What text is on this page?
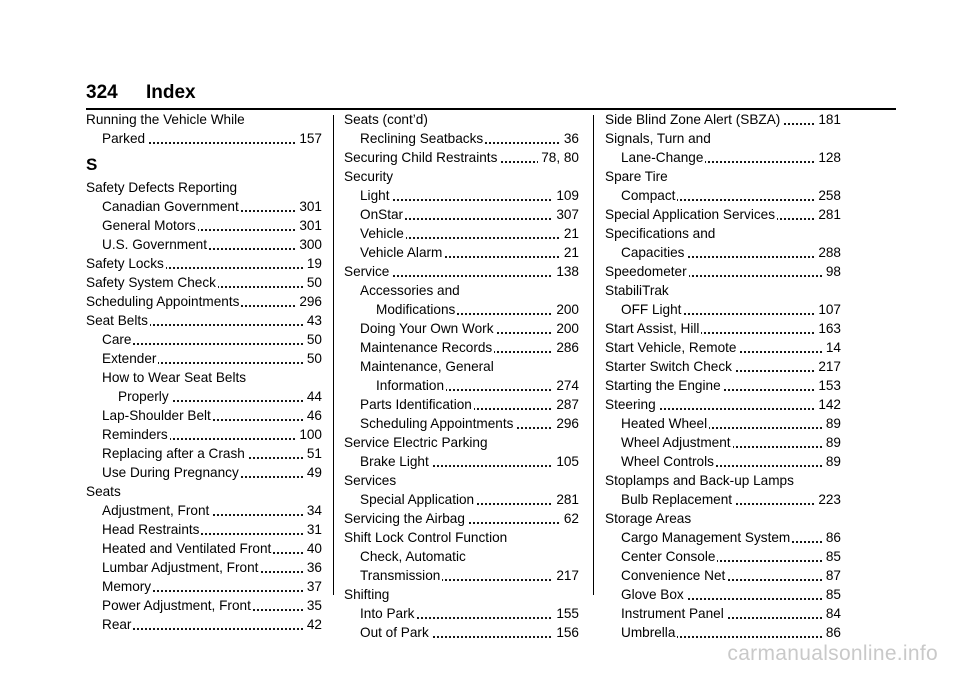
324 Index
Running the Vehicle While
Parked	157
S
Safety Defects Reporting
Canadian Government	301
General Motors	301
U.S. Government	300
Safety Locks	19
Safety System Check	50
Scheduling Appointments	296
Seat Belts	43
Care	50
Extender	50
How to Wear Seat Belts
Properly	44
Lap-Shoulder Belt	46
Reminders	100
Replacing after a Crash	51
Use During Pregnancy	49
Seats
Adjustment, Front	34
Head Restraints	31
Heated and Ventilated Front	40
Lumbar Adjustment, Front	36
Memory	37
Power Adjustment, Front	35
Rear	42
Seats (cont’d)
Reclining Seatbacks	36
Securing Child Restraints	78, 80
Security
Light	109
OnStar	307
Vehicle	21
Vehicle Alarm	21
Service	138
Accessories and
Modifications	200
Doing Your Own Work	200
Maintenance Records	286
Maintenance, General
Information	274
Parts Identification	287
Scheduling Appointments	296
Service Electric Parking
Brake Light	105
Services
Special Application	281
Servicing the Airbag	62
Shift Lock Control Function
Check, Automatic
Transmission	217
Shifting
Into Park	155
Out of Park	156
Side Blind Zone Alert (SBZA)	181
Signals, Turn and
Lane-Change	128
Spare Tire
Compact	258
Special Application Services	281
Specifications and
Capacities	288
Speedometer	98
StabiliTrak
OFF Light	107
Start Assist, Hill	163
Start Vehicle, Remote	14
Starter Switch Check	217
Starting the Engine	153
Steering	142
Heated Wheel	89
Wheel Adjustment	89
Wheel Controls	89
Stoplamps and Back-up Lamps
Bulb Replacement	223
Storage Areas
Cargo Management System	86
Center Console	85
Convenience Net	87
Glove Box	85
Instrument Panel	84
Umbrella	86
carmanualsonline.info
